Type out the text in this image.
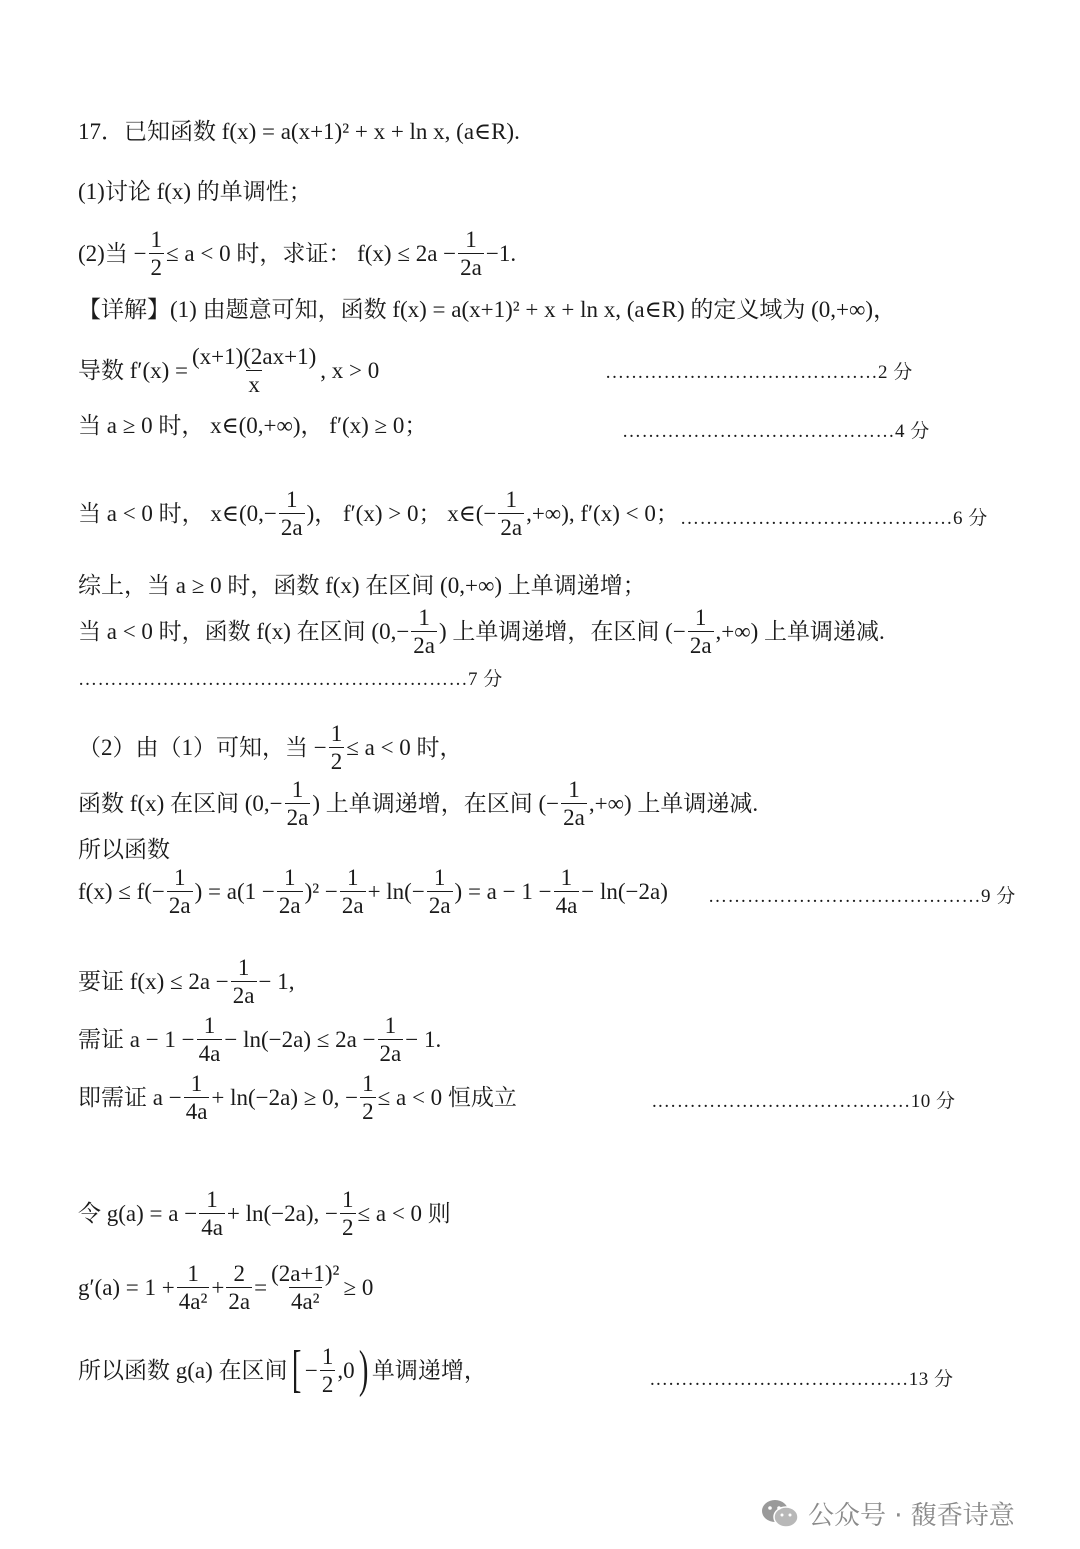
17．已知函数 f(x) = a(x+1)² + x + ln x, (a∈R).
(1)讨论 f(x) 的单调性；
(2)当 − $\frac{1}{2} \le a < 0$ 时，求证： $f(x) \le 2a - \frac{1}{2a} -1$.
【详解】(1) 由题意可知，函数 f(x) = a(x+1)² + x + ln x, (a∈R) 的定义域为 (0,+∞)，
导数 $f'(x) = \frac{(x+1)(2ax+1)}{x}$ , x > 0	……………………………………2 分
当 a ≥ 0 时， x∈(0,+∞)， f′(x) ≥ 0；	……………………………………4 分
当 a < 0 时， x∈(0,− $\frac{1}{2a}$ )， f′(x) > 0； x∈(− $\frac{1}{2a}$ ,+∞), f′(x) < 0； ……………………………………6 分
综上，当 a ≥ 0 时，函数 f(x) 在区间 (0,+∞) 上单调递增；
当 a < 0 时，函数 f(x) 在区间 ($0,- \frac{1}{2a}$ ) 上单调递增，在区间 (− $\frac{1}{2a}$ ,+∞) 上单调递减.
……………………………………………………7 分
（2）由（1）可知，当 − $\frac{1}{2} \le a < 0$ 时，
函数 f(x) 在区间 ($0,- \frac{1}{2a}$ ) 上单调递增，在区间 (− $\frac{1}{2a}$ ,+∞) 上单调递减.
所以函数
$f(x) \le f(- \frac{1}{2a}$ ) = $a(1 - \frac{1}{2a} )^2 - \frac{1}{2a} + \ln(- \frac{1}{2a}$ ) = $a - 1 - \frac{1}{4a} - \ln(-2a)$ ……………………………………9 分
要证 $f(x) \le 2a - \frac{1}{2a} - 1$,
需证 $a - 1 - \frac{1}{4a} - \ln(-2a) \le 2a - \frac{1}{2a} - 1$.
即需证 $a - \frac{1}{4a} + \ln(-2a) \ge 0$, − $\frac{1}{2} \le a < 0$ 恒成立	.…………………………………10 分
令 $g(a) = a - \frac{1}{4a} + \ln(-2a)$, − $\frac{1}{2} \le a < 0$ 则
$g'(a) = 1 + \frac{1}{\text{4a²}} + \frac{2}{2a} = \frac{\text{(2a+1)²}}{\text{4a²}} \ge 0$
所以函数 g(a) 在区间 [ − $\frac{1}{2} ,0$ ) 单调递增，	.…………………………………13 分
公众号 · 馥香诗意
